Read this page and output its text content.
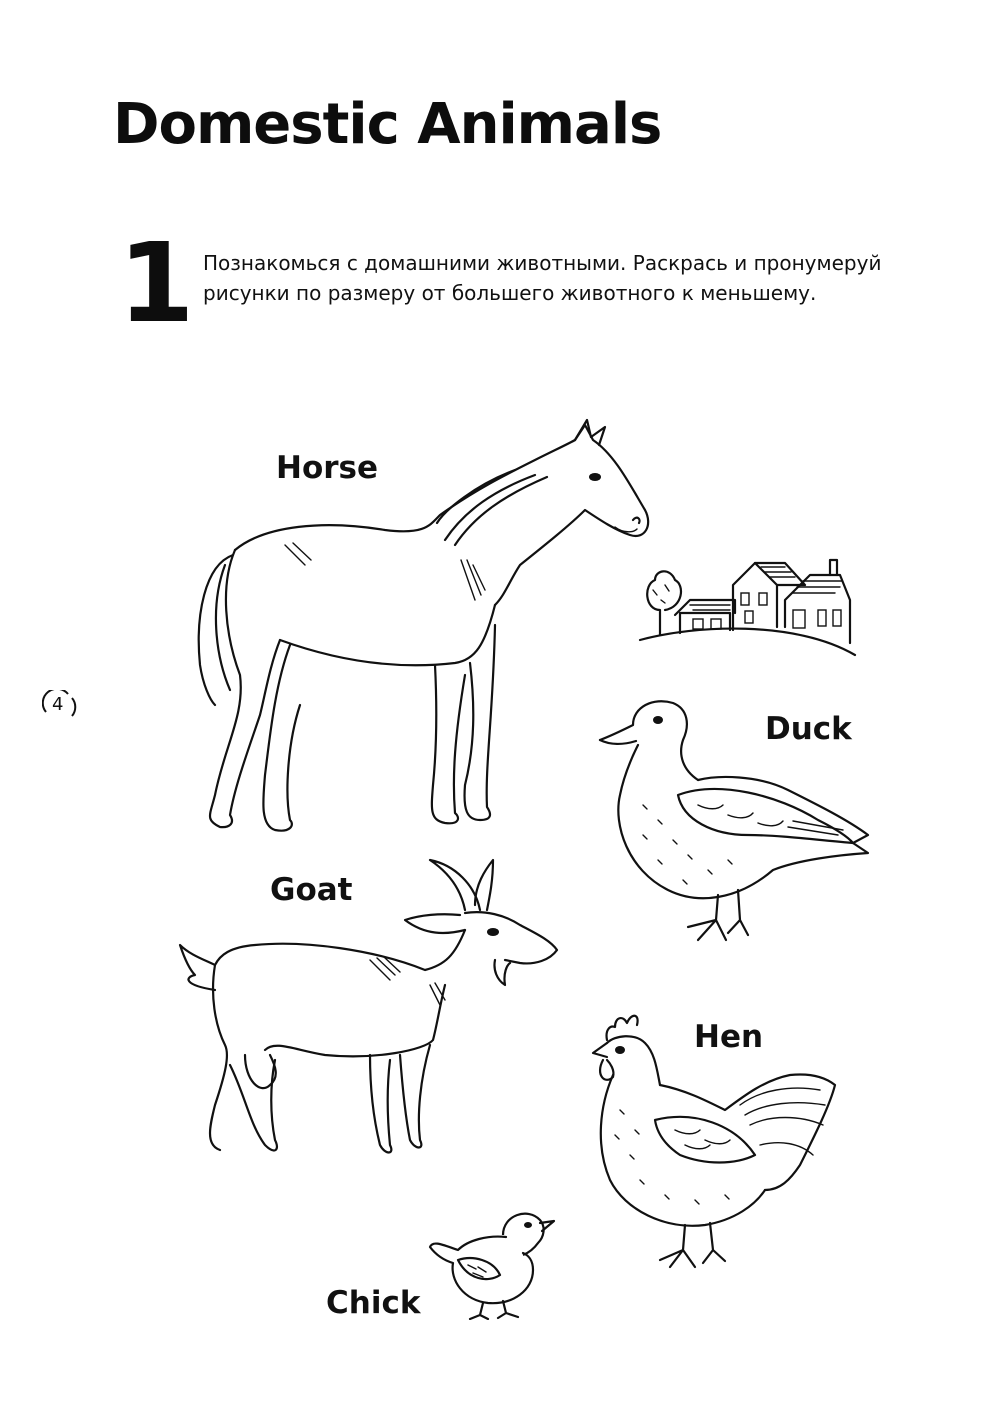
Domestic Animals
1 Познакомься с домашними животными. Раскрась и пронумеруй
рисунки по размеру от большего животного к меньшему.
4
Horse
Duck
Goat
Hen
Chick
